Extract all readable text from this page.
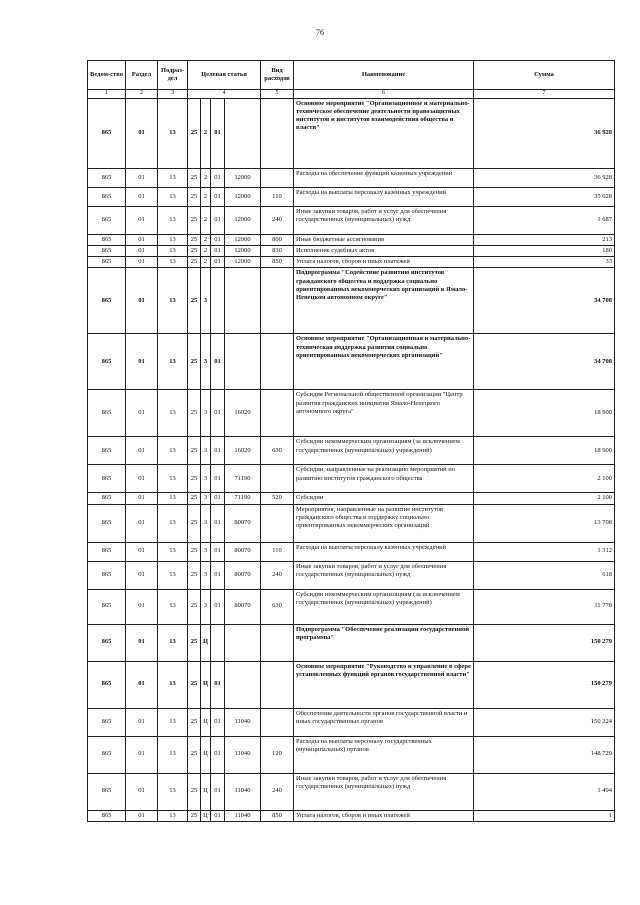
76
Ведом-ство	Раздел	Подраз-дел	Целевая статья				Вид расходов	Наименование	Сумма
1	2	3	4				5	6	7
865	01	13	25	2	01			Основное мероприятие "Организационное и материально-техническое обеспечение деятельности правозащитных институтов и институтов взаимодействия общества и власти"	36 928
865	01	13	25	2	01	12000		Расходы на обеспечение функций казенных учреждений	36 928
865	01	13	25	2	01	12000	110	Расходы на выплаты персоналу казенных учреждений	35 028
865	01	13	25	2	01	12000	240	Иные закупки товаров, работ и услуг для обеспечения государственных (муниципальных) нужд	1 687
865	01	13	25	2	01	12000	800	Иные бюджетные ассигнования	213
865	01	13	25	2	01	12000	830	Исполнение судебных актов	180
865	01	13	25	2	01	12000	850	Уплата налогов, сборов и иных платежей	33
865	01	13	25	3				Подпрограмма "Содействие развитию институтов гражданского общества и поддержка социально ориентированных некоммерческих организаций в Ямало-Ненецком автономном округе"	34 708
865	01	13	25	3	01			Основное мероприятие "Организационная и материально-техническая поддержка развития социально ориентированных некоммерческих организаций"	34 708
865	01	13	25	3	01	16020		Субсидия Региональной общественной организации "Центр развития гражданских инициатив Ямало-Ненецкого автономного округа"	18 900
865	01	13	25	3	01	16020	630	Субсидии некоммерческим организациям (за исключением государственных (муниципальных) учреждений)	18 900
865	01	13	25	3	01	71190		Субсидии, направленные на реализацию мероприятий по развитию институтов гражданского общества	2 100
865	01	13	25	3	01	71190	520	Субсидии	2 100
865	01	13	25	3	01	80070		Мероприятия, направленные на развитие институтов гражданского общества и поддержку социально ориентированных некоммерческих организаций	13 708
865	01	13	25	3	01	80070	110	Расходы на выплаты персоналу казенных учреждений	1 312
865	01	13	25	3	01	80070	240	Иные закупки товаров, работ и услуг для обеспечения государственных (муниципальных) нужд	618
865	01	13	25	3	01	80070	630	Субсидии некоммерческим организациям (за исключением государственных (муниципальных) учреждений)	11 778
865	01	13	25	Ц				Подпрограмма "Обеспечение реализации государственной программы"	150 279
865	01	13	25	Ц	01			Основное мероприятие "Руководство и управление в сфере установленных функций органов государственной власти"	150 279
865	01	13	25	Ц	01	11040		Обеспечение деятельности органов государственной власти и иных государственных органов	150 224
865	01	13	25	Ц	01	11040	120	Расходы на выплаты персоналу государственных (муниципальных) органов	148 729
865	01	13	25	Ц	01	11040	240	Иные закупки товаров, работ и услуг для обеспечения государственных (муниципальных) нужд	1 494
865	01	13	25	Ц	01	11040	850	Уплата налогов, сборов и иных платежей	1
